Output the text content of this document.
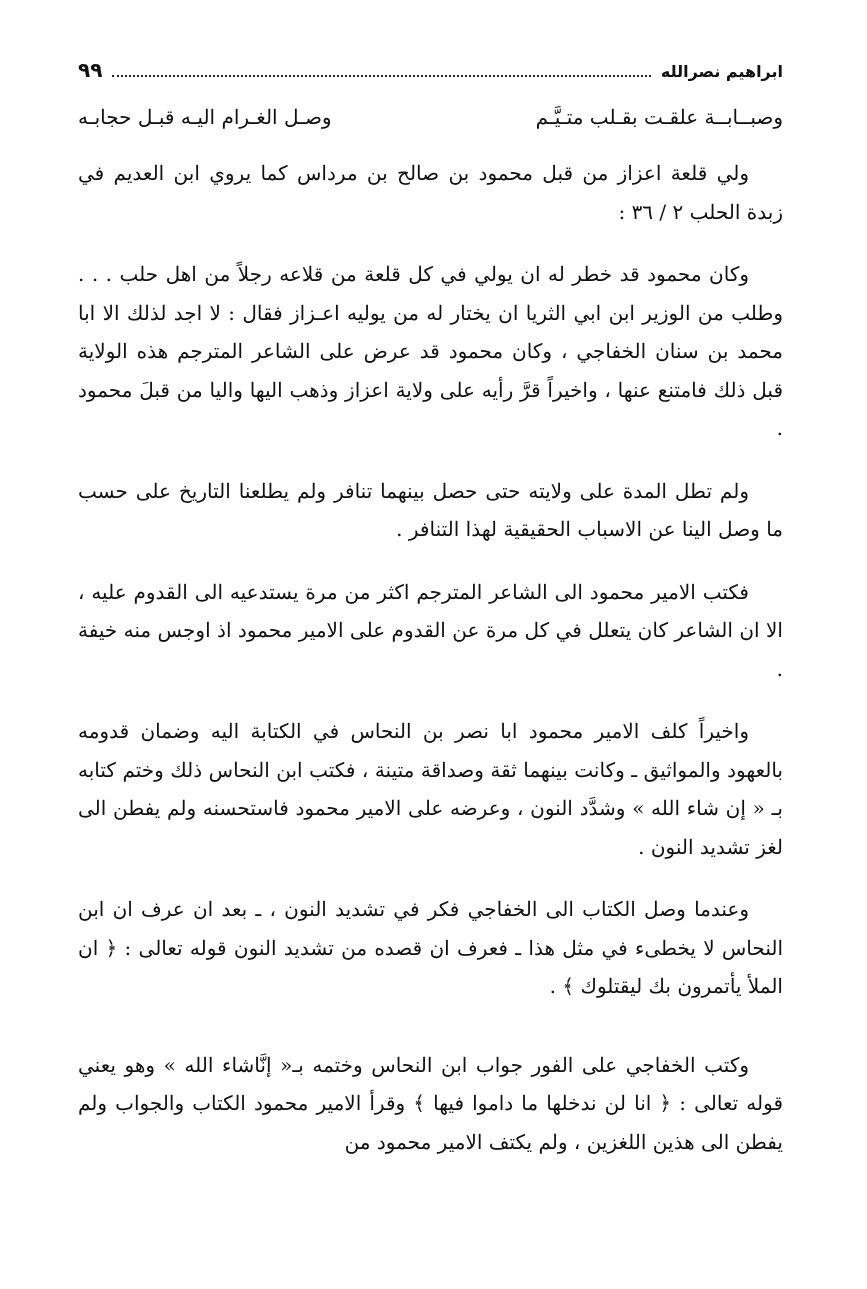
ابراهيم نصرالله
٩٩
وصبــابــة علقـت بقـلب متـيَّـم
وصـل الغـرام اليـه قبـل حجابـه

ولي قلعة اعزاز من قبل محمود بن صالح بن مرداس كما يروي ابن العديم في زبدة الحلب ٢ / ٣٦ :

وكان محمود قد خطر له ان يولي في كل قلعة من قلاعه رجلاً من اهل حلب . . . وطلب من الوزير ابن ابي الثريا ان يختار له من يوليه اعـزاز فقال : لا اجد لذلك الا ابا محمد بن سنان الخفاجي ، وكان محمود قد عرض على الشاعر المترجم هذه الولاية قبل ذلك فامتنع عنها ، واخيراً قرَّ رأيه على ولاية اعزاز وذهب اليها واليا من قبلَ محمود .

ولم تطل المدة على ولايته حتى حصل بينهما تنافر ولم يطلعنا التاريخ على حسب ما وصل الينا عن الاسباب الحقيقية لهذا التنافر .

فكتب الامير محمود الى الشاعر المترجم اكثر من مرة يستدعيه الى القدوم عليه ، الا ان الشاعر كان يتعلل في كل مرة عن القدوم على الامير محمود اذ اوجس منه خيفة .

واخيراً كلف الامير محمود ابا نصر بن النحاس في الكتابة اليه وضمان قدومه بالعهود والمواثيق ـ وكانت بينهما ثقة وصداقة متينة ، فكتب ابن النحاس ذلك وختم كتابه بـ « إن شاء الله » وشدَّد النون ، وعرضه على الامير محمود فاستحسنه ولم يفطن الى لغز تشديد النون .

وعندما وصل الكتاب الى الخفاجي فكر في تشديد النون ، ـ بعد ان عرف ان ابن النحاس لا يخطىء في مثل هذا ـ فعرف ان قصده من تشديد النون قوله تعالى : ﴿ ان الملأ يأتمرون بك ليقتلوك ﴾ .

وكتب الخفاجي على الفور جواب ابن النحاس وختمه بـ« إنَّاشاء الله » وهو يعني قوله تعالى : ﴿ انا لن ندخلها ما داموا فيها ﴾ وقرأ الامير محمود الكتاب والجواب ولم يفطن الى هذين اللغزين ، ولم يكتف الامير محمود من
